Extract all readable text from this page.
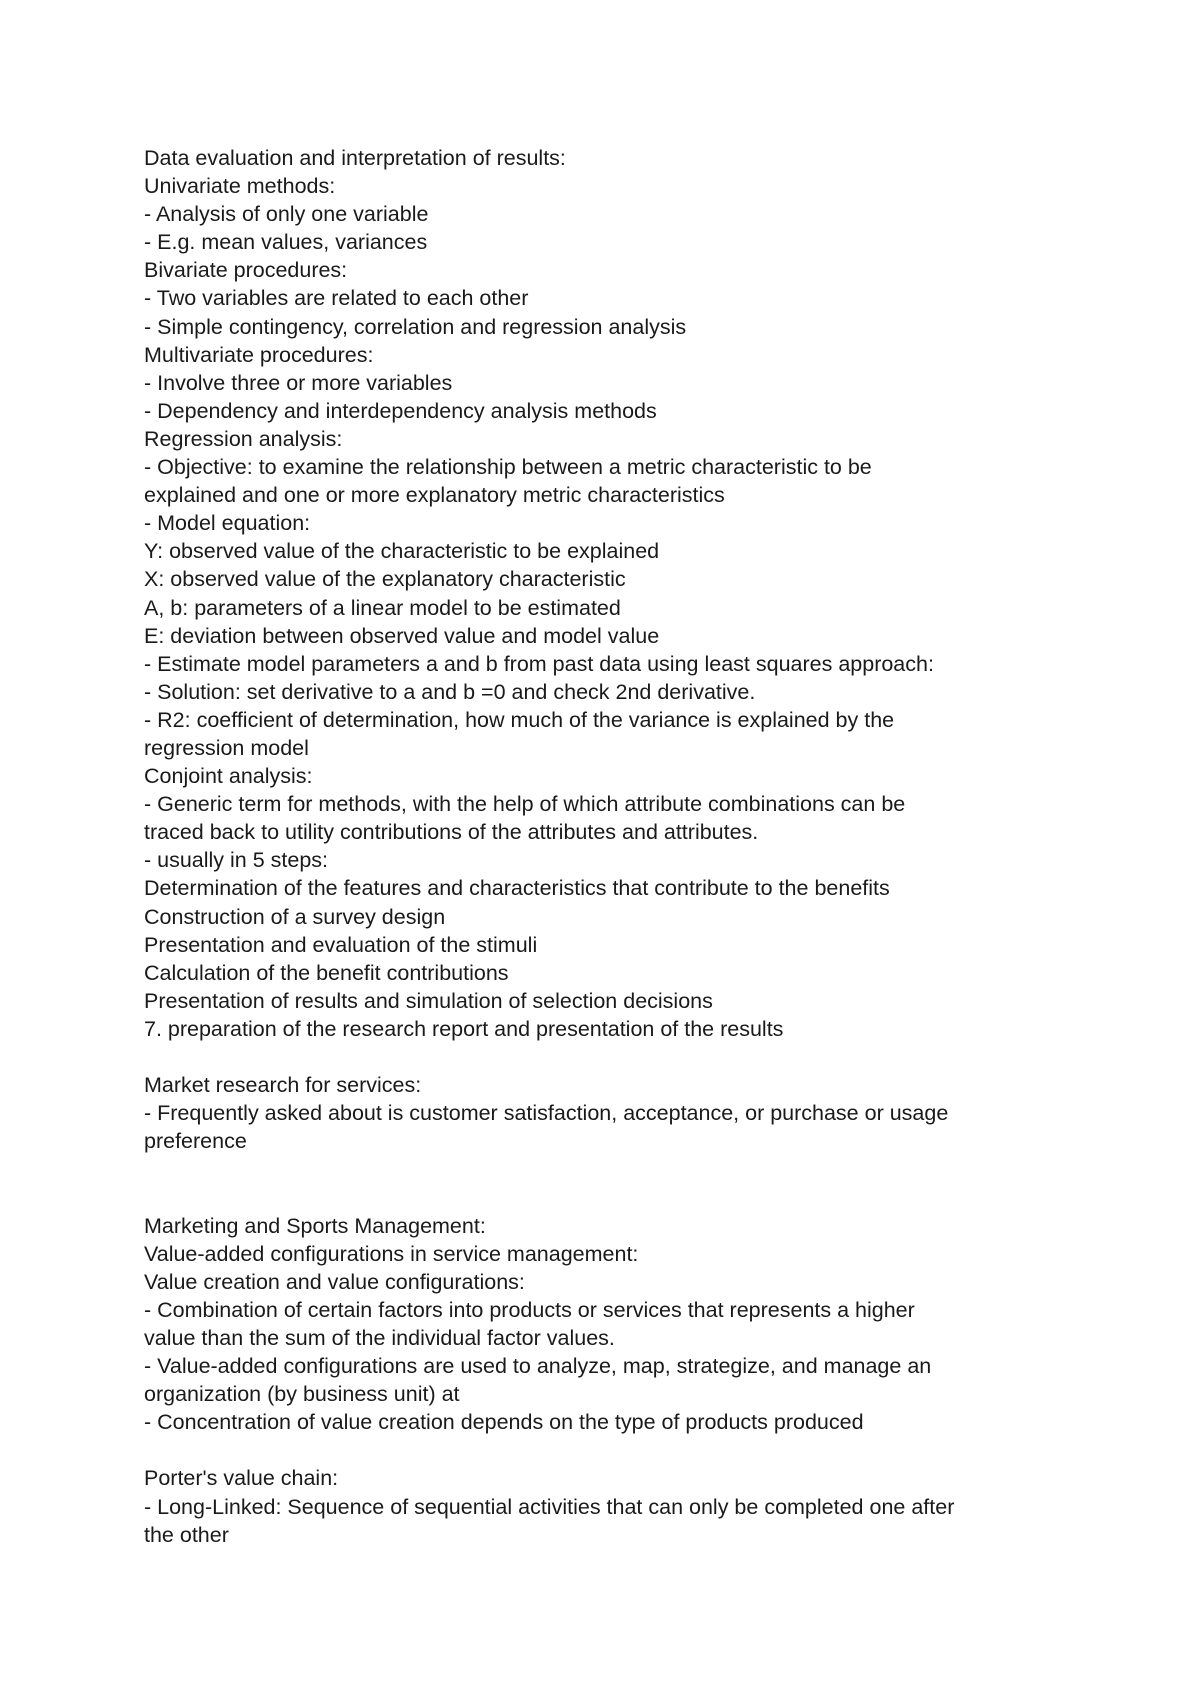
Data evaluation and interpretation of results:
Univariate methods:
- Analysis of only one variable
- E.g. mean values, variances
Bivariate procedures:
- Two variables are related to each other
- Simple contingency, correlation and regression analysis
Multivariate procedures:
- Involve three or more variables
- Dependency and interdependency analysis methods
Regression analysis:
- Objective: to examine the relationship between a metric characteristic to be
explained and one or more explanatory metric characteristics
- Model equation:
Y: observed value of the characteristic to be explained
X: observed value of the explanatory characteristic
A, b: parameters of a linear model to be estimated
E: deviation between observed value and model value
- Estimate model parameters a and b from past data using least squares approach:
- Solution: set derivative to a and b =0 and check 2nd derivative.
- R2: coefficient of determination, how much of the variance is explained by the
regression model
Conjoint analysis:
- Generic term for methods, with the help of which attribute combinations can be
traced back to utility contributions of the attributes and attributes.
- usually in 5 steps:
Determination of the features and characteristics that contribute to the benefits
Construction of a survey design
Presentation and evaluation of the stimuli
Calculation of the benefit contributions
Presentation of results and simulation of selection decisions
7. preparation of the research report and presentation of the results
Market research for services:
- Frequently asked about is customer satisfaction, acceptance, or purchase or usage
preference
Marketing and Sports Management:
Value-added configurations in service management:
Value creation and value configurations:
- Combination of certain factors into products or services that represents a higher
value than the sum of the individual factor values.
- Value-added configurations are used to analyze, map, strategize, and manage an
organization (by business unit) at
- Concentration of value creation depends on the type of products produced
Porter's value chain:
- Long-Linked: Sequence of sequential activities that can only be completed one after
the other
